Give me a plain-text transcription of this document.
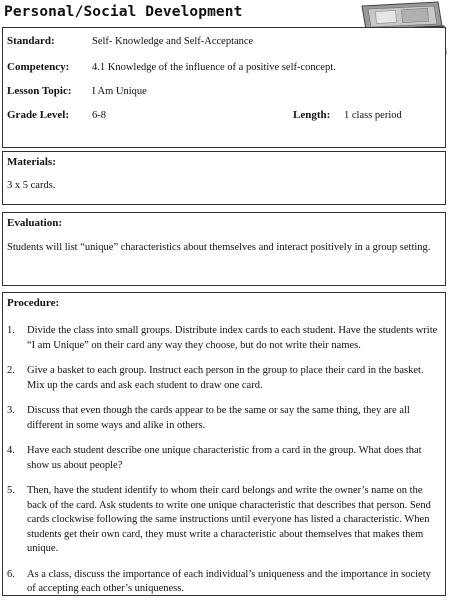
Personal/Social Development
Standard:	Self- Knowledge and Self-Acceptance
Competency: 4.1 Knowledge of the influence of a positive self-concept.
Lesson Topic: I Am Unique
Grade Level: 6-8	Length: 1 class period
Materials:
3 x 5 cards.
Evaluation:
Students will list “unique” characteristics about themselves and interact positively in a group setting.
Procedure:
1.	Divide the class into small groups. Distribute index cards to each student. Have the students write “I am Unique” on their card any way they choose, but do not write their names.
2.	Give a basket to each group. Instruct each person in the group to place their card in the basket. Mix up the cards and ask each student to draw one card.
3.	Discuss that even though the cards appear to be the same or say the same thing, they are all different in some ways and alike in others.
4.	Have each student describe one unique characteristic from a card in the group. What does that show us about people?
5.	Then, have the student identify to whom their card belongs and write the owner’s name on the back of the card. Ask students to write one unique characteristic that describes that person. Send cards clockwise following the same instructions until everyone has listed a characteristic. When students get their own card, they must write a characteristic about themselves that makes them unique.
6.	As a class, discuss the importance of each individual’s uniqueness and the importance in society of accepting each other’s uniqueness.
